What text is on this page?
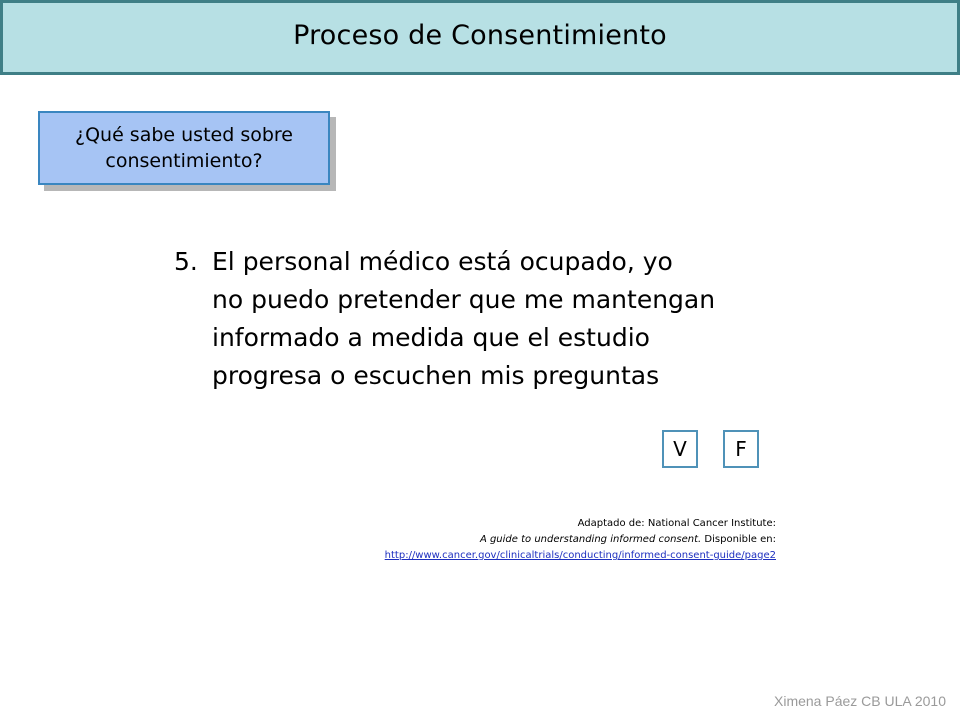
Proceso de Consentimiento
¿Qué sabe usted sobre
consentimiento?
5. El personal médico está ocupado, yo
no puedo pretender que me mantengan
informado a medida que el estudio
progresa o escuchen mis preguntas
V	F
Adaptado de: National Cancer Institute:
A guide to understanding informed consent. Disponible en:
http://www.cancer.gov/clinicaltrials/conducting/informed-consent-guide/page2
Ximena Páez CB ULA 2010
